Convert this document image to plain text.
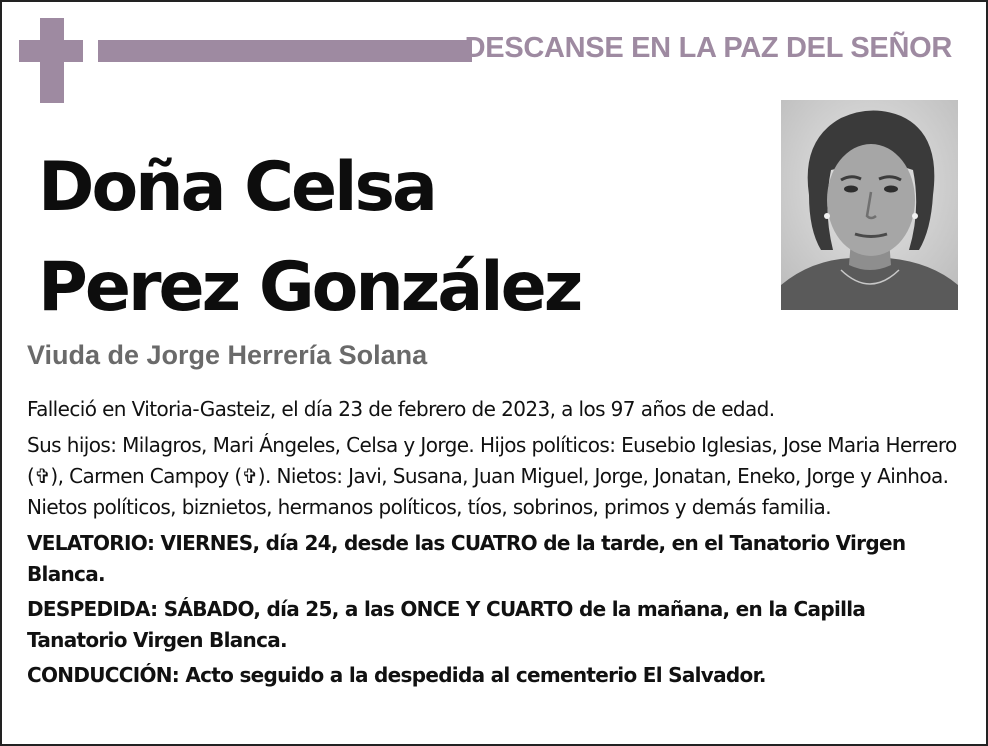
DESCANSE EN LA PAZ DEL SEÑOR
Doña Celsa
Perez González
Viuda de Jorge Herrería Solana

Falleció en Vitoria-Gasteiz, el día 23 de febrero de 2023, a los 97 años de edad.

Sus hijos: Milagros, Mari Ángeles, Celsa y Jorge. Hijos políticos: Eusebio Iglesias, Jose Maria Herrero (✞), Carmen Campoy (✞). Nietos: Javi, Susana, Juan Miguel, Jorge, Jonatan, Eneko, Jorge y Ainhoa. Nietos políticos, biznietos, hermanos políticos, tíos, sobrinos, primos y demás familia.

VELATORIO: VIERNES, día 24, desde las CUATRO de la tarde, en el Tanatorio Virgen Blanca.

DESPEDIDA: SÁBADO, día 25, a las ONCE Y CUARTO de la mañana, en la Capilla Tanatorio Virgen Blanca.

CONDUCCIÓN: Acto seguido a la despedida al cementerio El Salvador.
